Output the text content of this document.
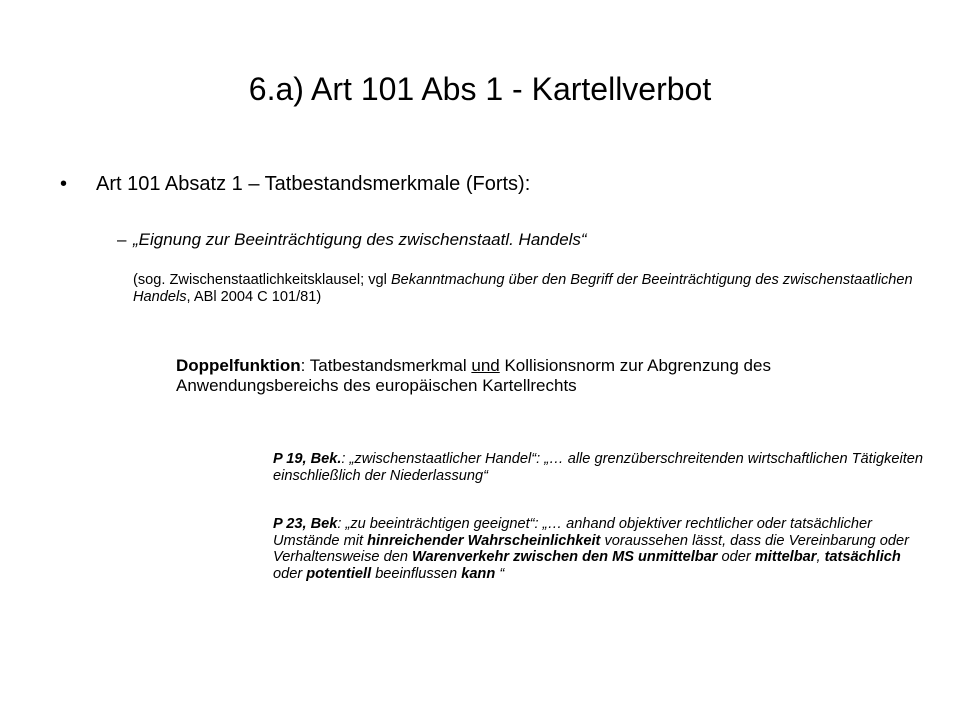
6.a) Art 101 Abs 1 - Kartellverbot
• Art 101 Absatz 1 – Tatbestandsmerkmale (Forts):
– „Eignung zur Beeinträchtigung des zwischenstaatl. Handels“
(sog. Zwischenstaatlichkeitsklausel; vgl Bekanntmachung über den Begriff der Beeinträchtigung des zwischenstaatlichen Handels, ABl 2004 C 101/81)
Doppelfunktion: Tatbestandsmerkmal und Kollisionsnorm zur Abgrenzung des Anwendungsbereichs des europäischen Kartellrechts
P 19, Bek.: „zwischenstaatlicher Handel“: „… alle grenzüberschreitenden wirtschaftlichen Tätigkeiten einschließlich der Niederlassung“
P 23, Bek: „zu beeinträchtigen geeignet“: „… anhand objektiver rechtlicher oder tatsächlicher Umstände mit hinreichender Wahrscheinlichkeit voraussehen lässt, dass die Vereinbarung oder Verhaltensweise den Warenverkehr zwischen den MS unmittelbar oder mittelbar, tatsächlich oder potentiell beeinflussen kann “
